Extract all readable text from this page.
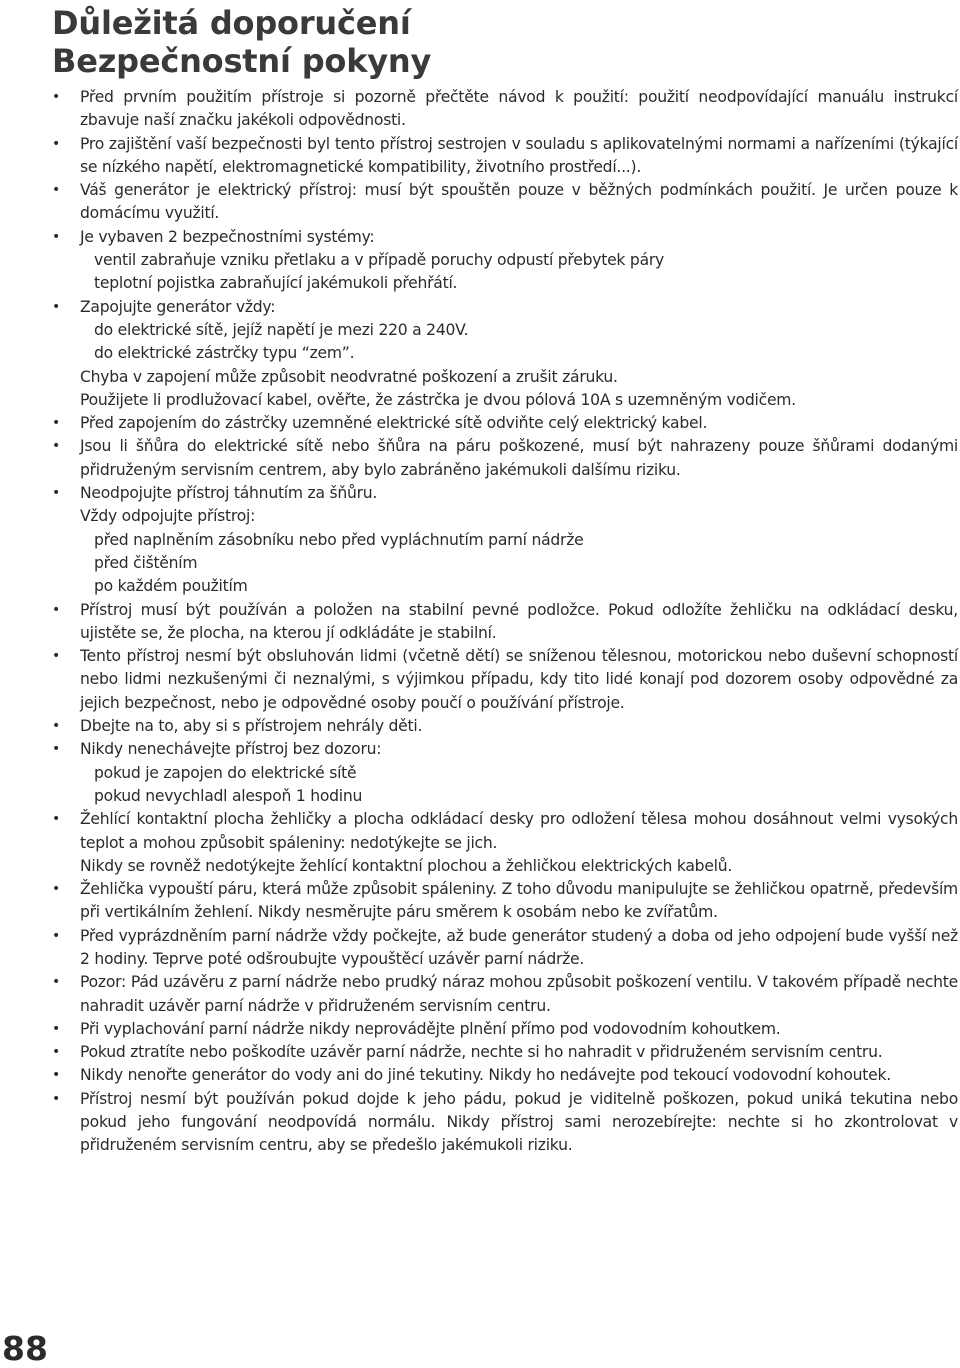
Důležitá doporučení
Bezpečnostní pokyny
• Před prvním použitím přístroje si pozorně přečtěte návod k použití: použití neodpovídající manuálu instrukcí zbavuje naší značku jakékoli odpovědnosti.
• Pro zajištění vaší bezpečnosti byl tento přístroj sestrojen v souladu s aplikovatelnými normami a nařízeními (týkající se nízkého napětí, elektromagnetické kompatibility, životního prostředí...).
• Váš generátor je elektrický přístroj: musí být spouštěn pouze v běžných podmínkách použití. Je určen pouze k domácímu využití.
• Je vybaven 2 bezpečnostními systémy:
ventil zabraňuje vzniku přetlaku a v případě poruchy odpustí přebytek páry
teplotní pojistka zabraňující jakémukoli přehřátí.
• Zapojujte generátor vždy:
do elektrické sítě, jejíž napětí je mezi 220 a 240V.
do elektrické zástrčky typu “zem”.
Chyba v zapojení může způsobit neodvratné poškození a zrušit záruku.
Použijete li prodlužovací kabel, ověřte, že zástrčka je dvou pólová 10A s uzemněným vodičem.
• Před zapojením do zástrčky uzemněné elektrické sítě odviňte celý elektrický kabel.
• Jsou li šňůra do elektrické sítě nebo šňůra na páru poškozené, musí být nahrazeny pouze šňůrami dodanými přidruženým servisním centrem, aby bylo zabráněno jakémukoli dalšímu riziku.
• Neodpojujte přístroj táhnutím za šňůru.
Vždy odpojujte přístroj:
před naplněním zásobníku nebo před vypláchnutím parní nádrže
před čištěním
po každém použitím
• Přístroj musí být používán a položen na stabilní pevné podložce. Pokud odložíte žehličku na odkládací desku, ujistěte se, že plocha, na kterou jí odkládáte je stabilní.
• Tento přístroj nesmí být obsluhován lidmi (včetně dětí) se sníženou tělesnou, motorickou nebo duševní schopností nebo lidmi nezkušenými či neznalými, s výjimkou případu, kdy tito lidé konají pod dozorem osoby odpovědné za jejich bezpečnost, nebo je odpovědné osoby poučí o používání přístroje.
• Dbejte na to, aby si s přístrojem nehrály děti.
• Nikdy nenechávejte přístroj bez dozoru:
pokud je zapojen do elektrické sítě
pokud nevychladl alespoň 1 hodinu
• Žehlící kontaktní plocha žehličky a plocha odkládací desky pro odložení tělesa mohou dosáhnout velmi vysokých teplot a mohou způsobit spáleniny: nedotýkejte se jich.
Nikdy se rovněž nedotýkejte žehlící kontaktní plochou a žehličkou elektrických kabelů.
• Žehlička vypouští páru, která může způsobit spáleniny. Z toho důvodu manipulujte se žehličkou opatrně, především při vertikálním žehlení. Nikdy nesměrujte páru směrem k osobám nebo ke zvířatům.
• Před vyprázdněním parní nádrže vždy počkejte, až bude generátor studený a doba od jeho odpojení bude vyšší než 2 hodiny. Teprve poté odšroubujte vypouštěcí uzávěr parní nádrže.
• Pozor: Pád uzávěru z parní nádrže nebo prudký náraz mohou způsobit poškození ventilu. V takovém případě nechte nahradit uzávěr parní nádrže v přidruženém servisním centru.
• Při vyplachování parní nádrže nikdy neprovádějte plnění přímo pod vodovodním kohoutkem.
• Pokud ztratíte nebo poškodíte uzávěr parní nádrže, nechte si ho nahradit v přidruženém servisním centru.
• Nikdy nenořte generátor do vody ani do jiné tekutiny. Nikdy ho nedávejte pod tekoucí vodovodní kohoutek.
• Přístroj nesmí být používán pokud dojde k jeho pádu, pokud je viditelně poškozen, pokud uniká tekutina nebo pokud jeho fungování neodpovídá normálu. Nikdy přístroj sami nerozebírejte: nechte si ho zkontrolovat v přidruženém servisním centru, aby se předešlo jakémukoli riziku.
88
